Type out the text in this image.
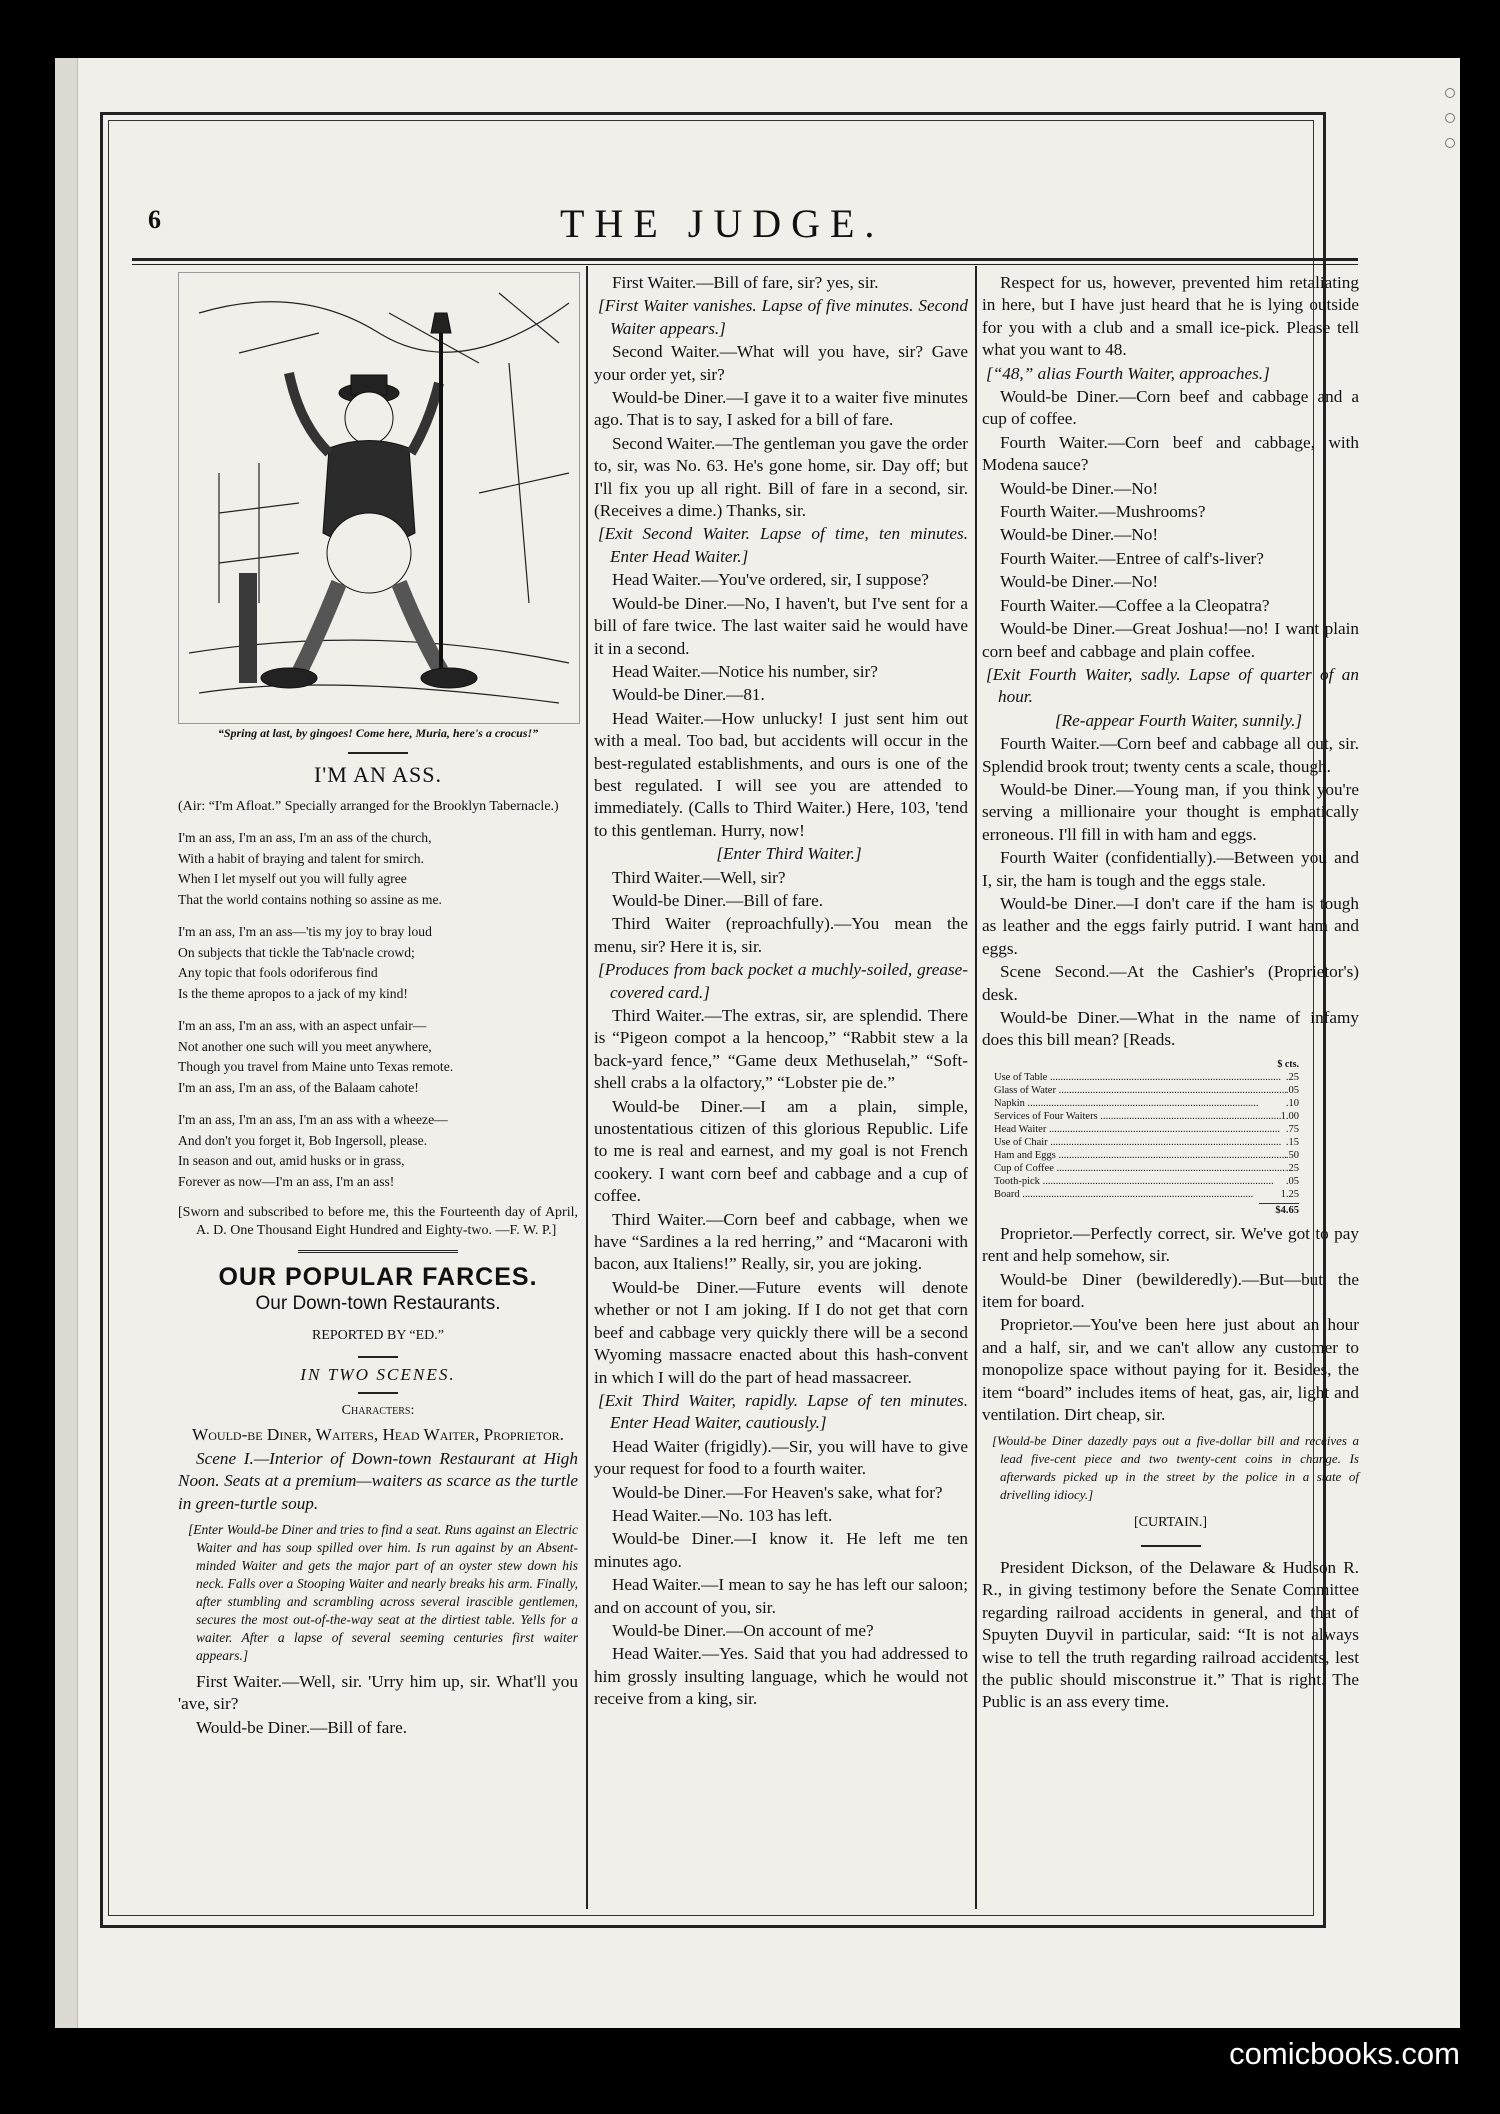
6	THE JUDGE.
“Spring at last, by gingoes! Come here, Muria, here's a crocus!”
I'M AN ASS.
(Air: “I'm Afloat.” Specially arranged for the Brooklyn Tabernacle.)
I'm an ass, I'm an ass, I'm an ass of the church,
With a habit of braying and talent for smirch.
When I let myself out you will fully agree
That the world contains nothing so assine as me.
I'm an ass, I'm an ass—'tis my joy to bray loud
On subjects that tickle the Tab'nacle crowd;
Any topic that fools odoriferous find
Is the theme apropos to a jack of my kind!
I'm an ass, I'm an ass, with an aspect unfair—
Not another one such will you meet anywhere,
Though you travel from Maine unto Texas remote.
I'm an ass, I'm an ass, of the Balaam cahote!
I'm an ass, I'm an ass, I'm an ass with a wheeze—
And don't you forget it, Bob Ingersoll, please.
In season and out, amid husks or in grass,
Forever as now—I'm an ass, I'm an ass!
[Sworn and subscribed to before me, this the Fourteenth day of April, A. D. One Thousand Eight Hundred and Eighty-two. —F. W. P.]
OUR POPULAR FARCES.
Our Down-town Restaurants.

REPORTED BY “ED.”

IN TWO SCENES.

Characters:

Would-be Diner, Waiters, Head Waiter, Proprietor.

Scene I.—Interior of Down-town Restaurant at High Noon. Seats at a premium—waiters as scarce as the turtle in green-turtle soup.

[Enter Would-be Diner and tries to find a seat. Runs against an Electric Waiter and has soup spilled over him. Is run against by an Absent-minded Waiter and gets the major part of an oyster stew down his neck. Falls over a Stooping Waiter and nearly breaks his arm. Finally, after stumbling and scrambling across several irascible gentlemen, secures the most out-of-the-way seat at the dirtiest table. Yells for a waiter. After a lapse of several seeming centuries first waiter appears.]

First Waiter.—Well, sir. 'Urry him up, sir. What'll you 'ave, sir?

Would-be Diner.—Bill of fare.

First Waiter.—Bill of fare, sir? yes, sir.

[First Waiter vanishes. Lapse of five minutes. Second Waiter appears.]

Second Waiter.—What will you have, sir? Gave your order yet, sir?

Would-be Diner.—I gave it to a waiter five minutes ago. That is to say, I asked for a bill of fare.

Second Waiter.—The gentleman you gave the order to, sir, was No. 63. He's gone home, sir. Day off; but I'll fix you up all right. Bill of fare in a second, sir. (Receives a dime.) Thanks, sir.

[Exit Second Waiter. Lapse of time, ten minutes. Enter Head Waiter.]

Head Waiter.—You've ordered, sir, I suppose?

Would-be Diner.—No, I haven't, but I've sent for a bill of fare twice. The last waiter said he would have it in a second.

Head Waiter.—Notice his number, sir?

Would-be Diner.—81.

Head Waiter.—How unlucky! I just sent him out with a meal. Too bad, but accidents will occur in the best-regulated establishments, and ours is one of the best regulated. I will see you are attended to immediately. (Calls to Third Waiter.) Here, 103, 'tend to this gentleman. Hurry, now!

[Enter Third Waiter.]

Third Waiter.—Well, sir?

Would-be Diner.—Bill of fare.

Third Waiter (reproachfully).—You mean the menu, sir? Here it is, sir.

[Produces from back pocket a muchly-soiled, grease-covered card.]

Third Waiter.—The extras, sir, are splendid. There is “Pigeon compot a la hencoop,” “Rabbit stew a la back-yard fence,” “Game deux Methuselah,” “Soft-shell crabs a la olfactory,” “Lobster pie de.”

Would-be Diner.—I am a plain, simple, unostentatious citizen of this glorious Republic. Life to me is real and earnest, and my goal is not French cookery. I want corn beef and cabbage and a cup of coffee.

Third Waiter.—Corn beef and cabbage, when we have “Sardines a la red herring,” and “Macaroni with bacon, aux Italiens!” Really, sir, you are joking.

Would-be Diner.—Future events will denote whether or not I am joking. If I do not get that corn beef and cabbage very quickly there will be a second Wyoming massacre enacted about this hash-convent in which I will do the part of head massacreer.

[Exit Third Waiter, rapidly. Lapse of ten minutes. Enter Head Waiter, cautiously.]

Head Waiter (frigidly).—Sir, you will have to give your request for food to a fourth waiter.

Would-be Diner.—For Heaven's sake, what for?

Head Waiter.—No. 103 has left.

Would-be Diner.—I know it. He left me ten minutes ago.

Head Waiter.—I mean to say he has left our saloon; and on account of you, sir.

Would-be Diner.—On account of me?

Head Waiter.—Yes. Said that you had addressed to him grossly insulting language, which he would not receive from a king, sir.

Respect for us, however, prevented him retaliating in here, but I have just heard that he is lying outside for you with a club and a small ice-pick. Please tell what you want to 48.

[“48,” alias Fourth Waiter, approaches.]

Would-be Diner.—Corn beef and cabbage and a cup of coffee.

Fourth Waiter.—Corn beef and cabbage, with Modena sauce?

Would-be Diner.—No!

Fourth Waiter.—Mushrooms?

Would-be Diner.—No!

Fourth Waiter.—Entree of calf's-liver?

Would-be Diner.—No!

Fourth Waiter.—Coffee a la Cleopatra?

Would-be Diner.—Great Joshua!—no! I want plain corn beef and cabbage and plain coffee.

[Exit Fourth Waiter, sadly. Lapse of quarter of an hour.

[Re-appear Fourth Waiter, sunnily.]

Fourth Waiter.—Corn beef and cabbage all out, sir. Splendid brook trout; twenty cents a scale, though.

Would-be Diner.—Young man, if you think you're serving a millionaire your thought is emphatically erroneous. I'll fill in with ham and eggs.

Fourth Waiter (confidentially).—Between you and I, sir, the ham is tough and the eggs stale.

Would-be Diner.—I don't care if the ham is tough as leather and the eggs fairly putrid. I want ham and eggs.

Scene Second.—At the Cashier's (Proprietor's) desk.

Would-be Diner.—What in the name of infamy does this bill mean? [Reads.

$ cts.
Use of Table .....	.25
Glass of Water .....	.05
Napkin .....	.10
Services of Four Waiters .....	1.00
Head Waiter .....	.75
Use of Chair .....	.15
Ham and Eggs .....	.50
Cup of Coffee .....	.25
Tooth-pick .....	.05
Board .....	1.25
$4.65

Proprietor.—Perfectly correct, sir. We've got to pay rent and help somehow, sir.

Would-be Diner (bewilderedly).—But—but the item for board.

Proprietor.—You've been here just about an hour and a half, sir, and we can't allow any customer to monopolize space without paying for it. Besides, the item “board” includes items of heat, gas, air, light and ventilation. Dirt cheap, sir.

[Would-be Diner dazedly pays out a five-dollar bill and receives a lead five-cent piece and two twenty-cent coins in change. Is afterwards picked up in the street by the police in a state of drivelling idiocy.]

[CURTAIN.]

President Dickson, of the Delaware & Hudson R. R., in giving testimony before the Senate Committee regarding railroad accidents in general, and that of Spuyten Duyvil in particular, said: “It is not always wise to tell the truth regarding railroad accidents, lest the public should misconstrue it.” That is right. The Public is an ass every time.

comicbooks.com
